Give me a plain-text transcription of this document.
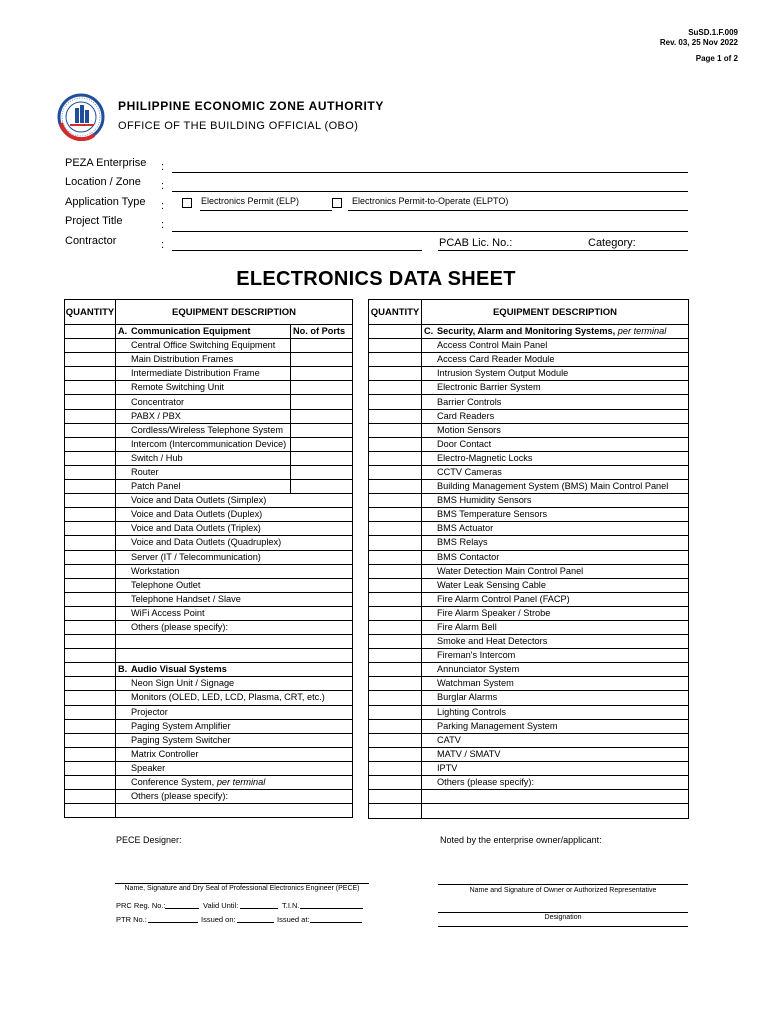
SuSD.1.F.009
Rev. 03, 25 Nov 2022
Page 1 of 2
PHILIPPINE ECONOMIC ZONE AUTHORITY
OFFICE OF THE BUILDING OFFICIAL (OBO)
PEZA Enterprise :
Location / Zone :
Application Type :	Electronics Permit (ELP)	Electronics Permit-to-Operate (ELPTO)
Project Title	:
Contractor	:	PCAB Lic. No.:	Category:
ELECTRONICS DATA SHEET
QUANTITY	EQUIPMENT DESCRIPTION	
	A. Communication Equipment	No. of Ports
	Central Office Switching Equipment	
	Main Distribution Frames	
	Intermediate Distribution Frame	
	Remote Switching Unit	
	Concentrator	
	PABX / PBX	
	Cordless/Wireless Telephone System	
	Intercom (Intercommunication Device)	
	Switch / Hub	
	Router	
	Patch Panel	
	Voice and Data Outlets (Simplex)	
	Voice and Data Outlets (Duplex)	
	Voice and Data Outlets (Triplex)	
	Voice and Data Outlets (Quadruplex)	
	Server (IT / Telecommunication)	
	Workstation	
	Telephone Outlet	
	Telephone Handset / Slave	
	WiFi Access Point	
	Others (please specify):	

	B. Audio Visual Systems	
	Neon Sign Unit / Signage	
	Monitors (OLED, LED, LCD, Plasma, CRT, etc.)	
	Projector	
	Paging System Amplifier	
	Paging System Switcher	
	Matrix Controller	
	Speaker	
	Conference System, per terminal	
	Others (please specify):	

QUANTITY	EQUIPMENT DESCRIPTION
	C. Security, Alarm and Monitoring Systems, per terminal
	Access Control Main Panel
	Access Card Reader Module
	Intrusion System Output Module
	Electronic Barrier System
	Barrier Controls
	Card Readers
	Motion Sensors
	Door Contact
	Electro-Magnetic Locks
	CCTV Cameras
	Building Management System (BMS) Main Control Panel
	BMS Humidity Sensors
	BMS Temperature Sensors
	BMS Actuator
	BMS Relays
	BMS Contactor
	Water Detection Main Control Panel
	Water Leak Sensing Cable
	Fire Alarm Control Panel (FACP)
	Fire Alarm Speaker / Strobe
	Fire Alarm Bell
	Smoke and Heat Detectors
	Fireman's Intercom
	Annunciator System
	Watchman System
	Burglar Alarms
	Lighting Controls
	Parking Management System
	CATV
	MATV / SMATV
	IPTV
	Others (please specify):

PECE Designer:
Name, Signature and Dry Seal of Professional Electronics Engineer (PECE)
PRC Reg. No.:	Valid Until:	T.I.N.
PTR No.:	Issued on:	Issued at:
Noted by the enterprise owner/applicant:
Name and Signature of Owner or Authorized Representative
Designation
